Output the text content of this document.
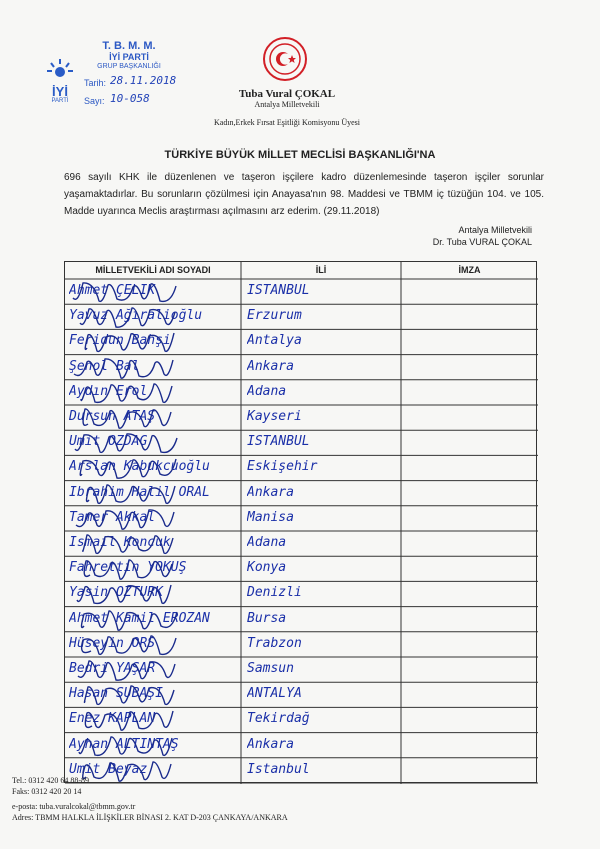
İYİ
PARTİ
T. B. M. M.
İYİ PARTİ
GRUP BAŞKANLIĞI
Tarih: 28.11.2018
Sayı: 10-058	Tuba Vural ÇOKAL
Antalya Milletvekili
Kadın,Erkek Fırsat Eşitliği Komisyonu Üyesi
TÜRKİYE BÜYÜK MİLLET MECLİSİ BAŞKANLIĞI'NA
696 sayılı KHK ile düzenlenen ve taşeron işçilere kadro düzenlemesinde taşeron işçiler sorunlar yaşamaktadırlar. Bu sorunların çözülmesi için Anayasa'nın 98. Maddesi ve TBMM iç tüzüğün 104. ve 105. Madde uyarınca Meclis araştırması açılmasını arz ederim. (29.11.2018)
Antalya Milletvekili
Dr. Tuba VURAL ÇOKAL
MİLLETVEKİLİ ADI SOYADI	İLİ	İMZA
Ahmet ÇELİK	İSTANBUL
Yavuz Ağıralioğlu	Erzurum
Feridun Bahşi	Antalya
Şenol Bal	Ankara
Aydın Erol	Adana
Dursun ATAŞ	Kayseri
Ümit ÖZDAĞ	İSTANBUL
Arslan Kabukcuoğlu	Eskişehir
İbrahim Halil ORAL	Ankara
Tamer Akkal	Manisa
İsmail Koncuk	Adana
Fahrettin YOKUŞ	Konya
Yasin ÖZTÜRK	Denizli
Ahmet Kamil EROZAN	Bursa
Hüseyin ÖRS	Trabzon
Bedri YAŞAR	Samsun
Hasan SUBAŞI	ANTALYA
Enez KAPLAN	Tekirdağ
Ayhan ALTINTAŞ	Ankara
Ümit Beyaz	İstanbul
Tel.: 0312 420 64 88-89
Faks: 0312 420 20 14
e-posta: tuba.vuralcokal@tbmm.gov.tr
Adres: TBMM HALKLA İLİŞKİLER BİNASI 2. KAT D-203 ÇANKAYA/ANKARA
